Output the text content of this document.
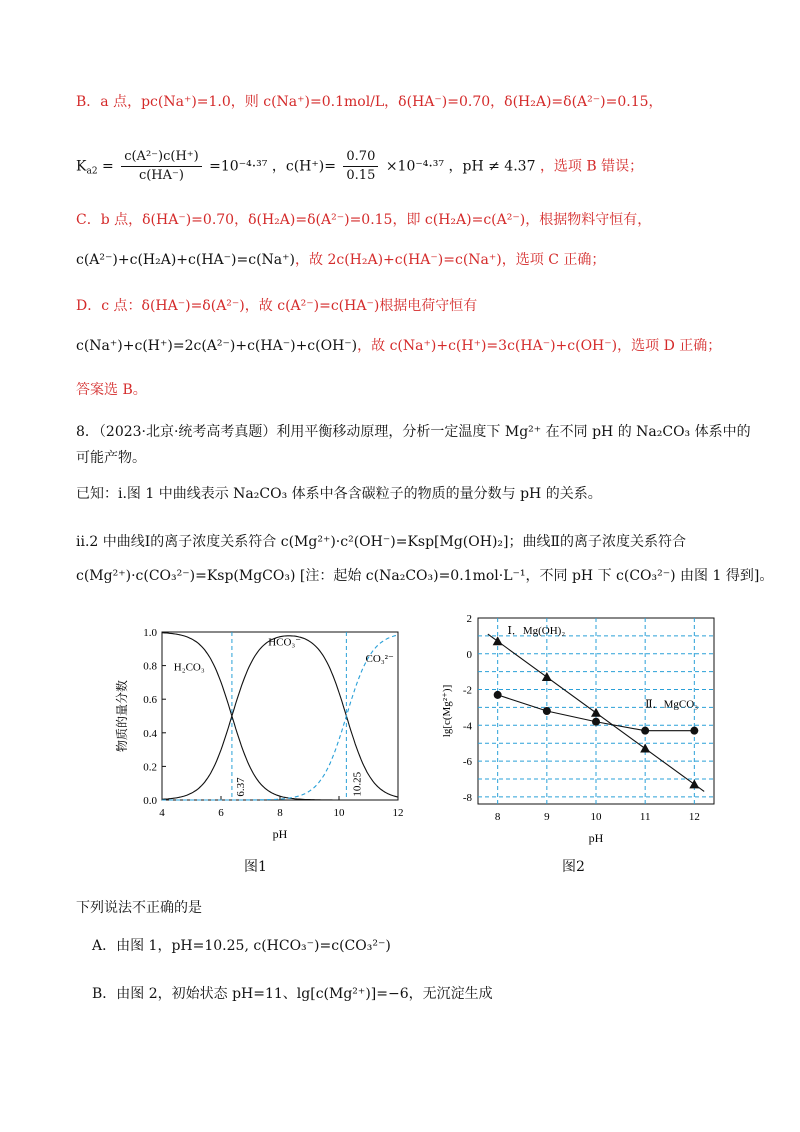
B．a 点，pc(Na⁺)=1.0，则 c(Na⁺)=0.1mol/L，δ(HA⁻)=0.70，δ(H₂A)=δ(A²⁻)=0.15，
$K_{a2} = \frac{\text{c(A²⁻)c(H⁺)}}{c(HA^-)} =10^{-4}\cdot^{37}$ ，$c(H^+)= \frac{0.70}{0.15} \times 10^{-4}\cdot^{37}$ ，pH ≠ 4.37 ，选项 B 错误；
C．b 点，δ(HA⁻)=0.70，δ(H₂A)=δ(A²⁻)=0.15，即 c(H₂A)=c(A²⁻)，根据物料守恒有，
c(A²⁻)+c(H₂A)+c(HA⁻)=c(Na⁺)，故 2c(H₂A)+c(HA⁻)=c(Na⁺)，选项 C 正确；
D．c 点：δ(HA⁻)=δ(A²⁻)，故 c(A²⁻)=c(HA⁻)根据电荷守恒有
c(Na⁺)+c(H⁺)=2c(A²⁻)+c(HA⁻)+c(OH⁻)，故 c(Na⁺)+c(H⁺)=3c(HA⁻)+c(OH⁻)，选项 D 正确；
答案选 B。
8．（2023·北京·统考高考真题）利用平衡移动原理，分析一定温度下 Mg²⁺ 在不同 pH 的 Na₂CO₃ 体系中的
可能产物。
已知：i.图 1 中曲线表示 Na₂CO₃ 体系中各含碳粒子的物质的量分数与 pH 的关系。
ii.2 中曲线Ⅰ的离子浓度关系符合 c(Mg²⁺)·c²(OH⁻)=Ksp[Mg(OH)₂]；曲线Ⅱ的离子浓度关系符合
c(Mg²⁺)·c(CO₃²⁻)=Ksp(MgCO₃) [注：起始 c(Na₂CO₃)=0.1mol·L⁻¹，不同 pH 下 c(CO₃²⁻) 由图 1 得到]。
4	6	8	10	12
0.0
0.2
0.4
0.6
0.8
1.0
H₂CO₃
HCO₃⁻
CO₃²⁻
6.37	10.25
pH
物质的量分数
图1
8	9	10	11	12
2
0
-2
-4
-6
-8
Ⅰ．Mg(OH)₂
Ⅱ．MgCO₃
pH
lg[c(Mg²⁺)]
图2
下列说法不正确的是
A．由图 1，pH=10.25, c(HCO₃⁻)=c(CO₃²⁻)
B．由图 2，初始状态 pH=11、lg[c(Mg²⁺)]=−6，无沉淀生成
